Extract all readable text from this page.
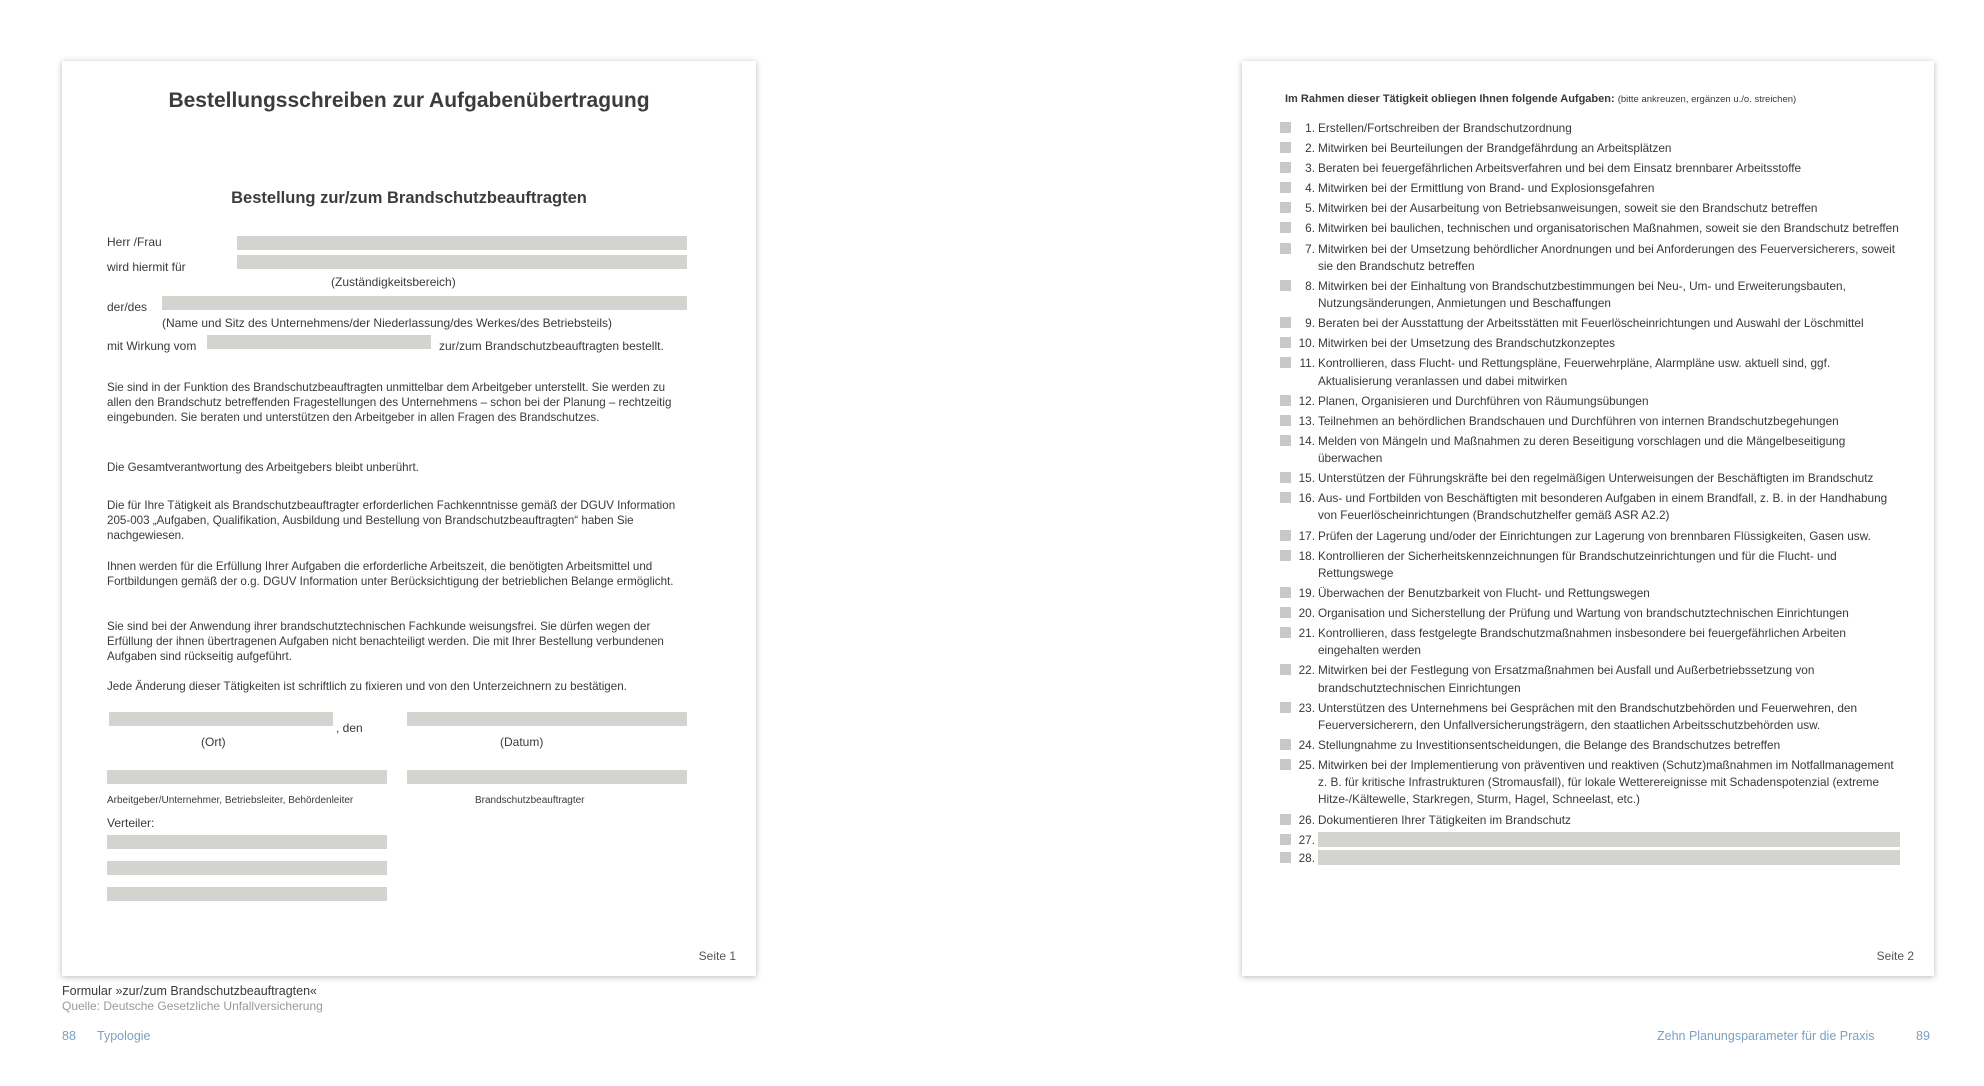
Bestellungsschreiben zur Aufgabenübertragung
Bestellung zur/zum Brandschutzbeauftragten
Herr /Frau
wird hiermit für
(Zuständigkeitsbereich)
der/des
(Name und Sitz des Unternehmens/der Niederlassung/des Werkes/des Betriebsteils)
mit Wirkung vom	zur/zum Brandschutzbeauftragten bestellt.
Sie sind in der Funktion des Brandschutzbeauftragten unmittelbar dem Arbeitgeber unterstellt. Sie werden zu allen den Brandschutz betreffenden Fragestellungen des Unternehmens – schon bei der Planung – rechtzeitig eingebunden. Sie beraten und unterstützen den Arbeitgeber in allen Fragen des Brandschutzes.
Die Gesamtverantwortung des Arbeitgebers bleibt unberührt.
Die für Ihre Tätigkeit als Brandschutzbeauftragter erforderlichen Fachkenntnisse gemäß der DGUV Information 205-003 „Aufgaben, Qualifikation, Ausbildung und Bestellung von Brandschutzbeauftragten“ haben Sie nachgewiesen.
Ihnen werden für die Erfüllung Ihrer Aufgaben die erforderliche Arbeitszeit, die benötigten Arbeitsmittel und Fortbildungen gemäß der o.g. DGUV Information unter Berücksichtigung der betrieblichen Belange ermöglicht.
Sie sind bei der Anwendung ihrer brandschutztechnischen Fachkunde weisungsfrei. Sie dürfen wegen der Erfüllung der ihnen übertragenen Aufgaben nicht benachteiligt werden. Die mit Ihrer Bestellung verbundenen Aufgaben sind rückseitig aufgeführt.
Jede Änderung dieser Tätigkeiten ist schriftlich zu fixieren und von den Unterzeichnern zu bestätigen.
, den
(Ort)	(Datum)
Arbeitgeber/Unternehmer, Betriebsleiter, Behördenleiter	Brandschutzbeauftragter
Verteiler:
Seite 1
Im Rahmen dieser Tätigkeit obliegen Ihnen folgende Aufgaben: (bitte ankreuzen, ergänzen u./o. streichen)
1. Erstellen/Fortschreiben der Brandschutzordnung
2. Mitwirken bei Beurteilungen der Brandgefährdung an Arbeitsplätzen
3. Beraten bei feuergefährlichen Arbeitsverfahren und bei dem Einsatz brennbarer Arbeitsstoffe
4. Mitwirken bei der Ermittlung von Brand- und Explosionsgefahren
5. Mitwirken bei der Ausarbeitung von Betriebsanweisungen, soweit sie den Brandschutz betreffen
6. Mitwirken bei baulichen, technischen und organisatorischen Maßnahmen, soweit sie den Brandschutz betreffen
7. Mitwirken bei der Umsetzung behördlicher Anordnungen und bei Anforderungen des Feuerversicherers, soweit sie den Brandschutz betreffen
8. Mitwirken bei der Einhaltung von Brandschutzbestimmungen bei Neu-, Um- und Erweiterungsbauten, Nutzungsänderungen, Anmietungen und Beschaffungen
9. Beraten bei der Ausstattung der Arbeitsstätten mit Feuerlöscheinrichtungen und Auswahl der Löschmittel
10. Mitwirken bei der Umsetzung des Brandschutzkonzeptes
11. Kontrollieren, dass Flucht- und Rettungspläne, Feuerwehrpläne, Alarmpläne usw. aktuell sind, ggf. Aktualisierung veranlassen und dabei mitwirken
12. Planen, Organisieren und Durchführen von Räumungsübungen
13. Teilnehmen an behördlichen Brandschauen und Durchführen von internen Brandschutzbegehungen
14. Melden von Mängeln und Maßnahmen zu deren Beseitigung vorschlagen und die Mängelbeseitigung überwachen
15. Unterstützen der Führungskräfte bei den regelmäßigen Unterweisungen der Beschäftigten im Brandschutz
16. Aus- und Fortbilden von Beschäftigten mit besonderen Aufgaben in einem Brandfall, z. B. in der Handhabung von Feuerlöscheinrichtungen (Brandschutzhelfer gemäß ASR A2.2)
17. Prüfen der Lagerung und/oder der Einrichtungen zur Lagerung von brennbaren Flüssigkeiten, Gasen usw.
18. Kontrollieren der Sicherheitskennzeichnungen für Brandschutzeinrichtungen und für die Flucht- und Rettungswege
19. Überwachen der Benutzbarkeit von Flucht- und Rettungswegen
20. Organisation und Sicherstellung der Prüfung und Wartung von brandschutztechnischen Einrichtungen
21. Kontrollieren, dass festgelegte Brandschutzmaßnahmen insbesondere bei feuergefährlichen Arbeiten eingehalten werden
22. Mitwirken bei der Festlegung von Ersatzmaßnahmen bei Ausfall und Außerbetriebssetzung von brandschutztechnischen Einrichtungen
23. Unterstützen des Unternehmens bei Gesprächen mit den Brandschutzbehörden und Feuerwehren, den Feuerversicherern, den Unfallversicherungsträgern, den staatlichen Arbeitsschutzbehörden usw.
24. Stellungnahme zu Investitionsentscheidungen, die Belange des Brandschutzes betreffen
25. Mitwirken bei der Implementierung von präventiven und reaktiven (Schutz)maßnahmen im Notfallmanagement z. B. für kritische Infrastrukturen (Stromausfall), für lokale Wetterereignisse mit Schadenspotenzial (extreme Hitze-/Kältewelle, Starkregen, Sturm, Hagel, Schneelast, etc.)
26. Dokumentieren Ihrer Tätigkeiten im Brandschutz
27.
28.
Seite 2
Formular »zur/zum Brandschutzbeauftragten«
Quelle: Deutsche Gesetzliche Unfallversicherung
88 Typologie	Zehn Planungsparameter für die Praxis	89
